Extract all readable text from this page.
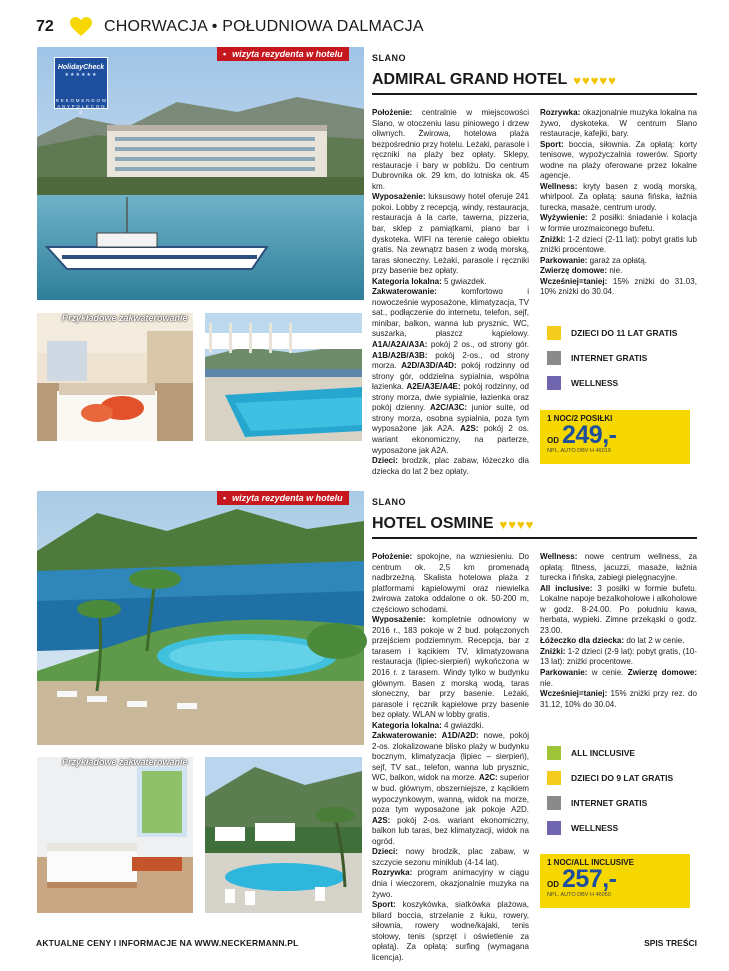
72	CHORWACJA • POŁUDNIOWA DALMACJA
• wizyta rezydenta w hotelu
HolidayCheck
★★★★★★
R E K O M E N D O W A N Y P O L E C O N E
Przykładowe zakwaterowanie
SLANO
ADMIRAL GRAND HOTEL ♥ ♥ ♥ ♥ ♥

Położenie: centralnie w miejscowości Slano, w otoczeniu lasu piniowego i drzew oliwnych. Żwirowa, hotelowa plaża bezpośrednio przy hotelu. Leżaki, parasole i ręczniki na plaży bez opłaty. Sklepy, restauracje i bary w pobliżu. Do centrum Dubrovnika ok. 29 km, do lotniska ok. 45 km.

Wyposażenie: luksusowy hotel oferuje 241 pokoi. Lobby z recepcją, windy, restauracja, restauracja à la carte, tawerna, pizzeria, bar, sklep z pamiątkami, piano bar i dyskoteka. WIFI na terenie całego obiektu gratis. Na zewnątrz basen z wodą morską, taras słoneczny. Leżaki, parasole i ręczniki przy basenie bez opłaty.

Kategoria lokalna: 5 gwiazdek.

Zakwaterowanie: komfortowo i nowocześnie wyposażone, klimatyzacja, TV sat., podłączenie do internetu, telefon, sejf, minibar, balkon, wanna lub prysznic, WC, suszarka, płaszcz kąpielowy. A1A/A2A/A3A: pokój 2 os., od strony gór. A1B/A2B/A3B: pokój 2-os., od strony morza. A2D/A3D/A4D: pokój rodzinny od strony gór, oddzielna sypialnia, wspólna łazienka. A2E/A3E/A4E: pokój rodzinny, od strony morza, dwie sypialnie, łazienka oraz pokój dzienny. A2C/A3C: junior suite, od strony morza, osobna sypialnia, poza tym wyposażone jak A2A. A2S: pokój 2 os. wariant ekonomiczny, na parterze, wyposażone jak A2A.

Dzieci: brodzik, plac zabaw, łóżeczko dla dziecka do lat 2 bez opłaty.

Rozrywka: okazjonalnie muzyka lokalna na żywo, dyskoteka. W centrum Slano restauracje, kafejki, bary.

Sport: boccia, siłownia. Za opłatą: korty tenisowe, wypożyczalnia rowerów. Sporty wodne na plaży oferowane przez lokalne agencje.

Wellness: kryty basen z wodą morską, whirlpool. Za opłatą: sauna fińska, łaźnia turecka, masaże, centrum urody.

Wyżywienie: 2 posiłki: śniadanie i kolacja w formie urozmaiconego bufetu.

Zniżki: 1-2 dzieci (2-11 lat): pobyt gratis lub zniżki procentowe.

Parkowanie: garaż za opłatą.

Zwierzę domowe: nie.

Wcześniej=taniej: 15% zniżki do 31.03, 10% zniżki do 30.04.

DZIECI DO 11 LAT GRATIS
INTERNET GRATIS
WELLNESS
1 NOC/2 POSIŁKI
OD 249,-
NPL. AUTO DBV H 46019
• wizyta rezydenta w hotelu
Przykładowe zakwaterowanie
SLANO
HOTEL OSMINE ♥ ♥ ♥ ♥

Położenie: spokojne, na wzniesieniu. Do centrum ok. 2,5 km promenadą nadbrzeżną. Skalista hotelowa plaża z platformami kąpielowymi oraz niewielka żwirowa zatoka oddalone o ok. 50-200 m, częściowo schodami.

Wyposażenie: kompletnie odnowiony w 2016 r., 183 pokoje w 2 bud. połączonych przejściem podziemnym. Recepcja, bar z tarasem i kącikiem TV, klimatyzowana restauracja (lipiec-sierpień) wykończona w 2016 r. z tarasem. Windy tylko w budynku głównym. Basen z morską wodą, taras słoneczny, bar przy basenie. Leżaki, parasole i ręcznik kąpielowe przy basenie bez opłaty. WLAN w lobby gratis.

Kategoria lokalna: 4 gwiazdki.

Zakwaterowanie: A1D/A2D: nowe, pokój 2-os. zlokalizowane blisko plaży w budynku bocznym, klimatyzacja (lipiec – sierpień), sejf, TV sat., telefon, wanna lub prysznic, WC, balkon, widok na morze. A2C: superior w bud. głównym, obszerniejsze, z kącikiem wypoczynkowym, wanną, widok na morze, poza tym wyposażone jak pokoje A2D. A2S: pokój 2-os. wariant ekonomiczny, balkon lub taras, bez klimatyzacji, widok na ogród.

Dzieci: nowy brodzik, plac zabaw, w szczycie sezonu miniklub (4-14 lat).

Rozrywka: program animacyjny w ciągu dnia i wieczorem, okazjonalnie muzyka na żywo.

Sport: koszykówka, siatkówka plażowa, bilard boccia, strzelanie z łuku, rowery, siłownia, rowery wodne/kajaki, tenis stołowy, tenis (sprzęt i oświetlenie za opłatą). Za opłatą: surfing (wymagana licencja).

Wellness: nowe centrum wellness, za opłatą: fitness, jacuzzi, masaże, łaźnia turecka i fińska, zabiegi pielęgnacyjne.

All inclusive: 3 posiłki w formie bufetu. Lokalne napoje bezalkoholowe i alkoholowe w godz. 8-24.00. Po południu kawa, herbata, wypieki. Zimne przekąski o godz. 23.00.

Łóżeczko dla dziecka: do lat 2 w cenie.

Zniżki: 1-2 dzieci (2-9 lat): pobyt gratis, (10-13 lat): zniżki procentowe.

Parkowanie: w cenie. Zwierzę domowe: nie.

Wcześniej=taniej: 15% zniżki przy rez. do 31.12, 10% do 30.04.

ALL INCLUSIVE
DZIECI DO 9 LAT GRATIS
INTERNET GRATIS
WELLNESS
1 NOC/ALL INCLUSIVE
OD 257,-
NPL. AUTO DBV H 46050
AKTUALNE CENY I INFORMACJE NA WWW.NECKERMANN.PL	SPIS TREŚCI
